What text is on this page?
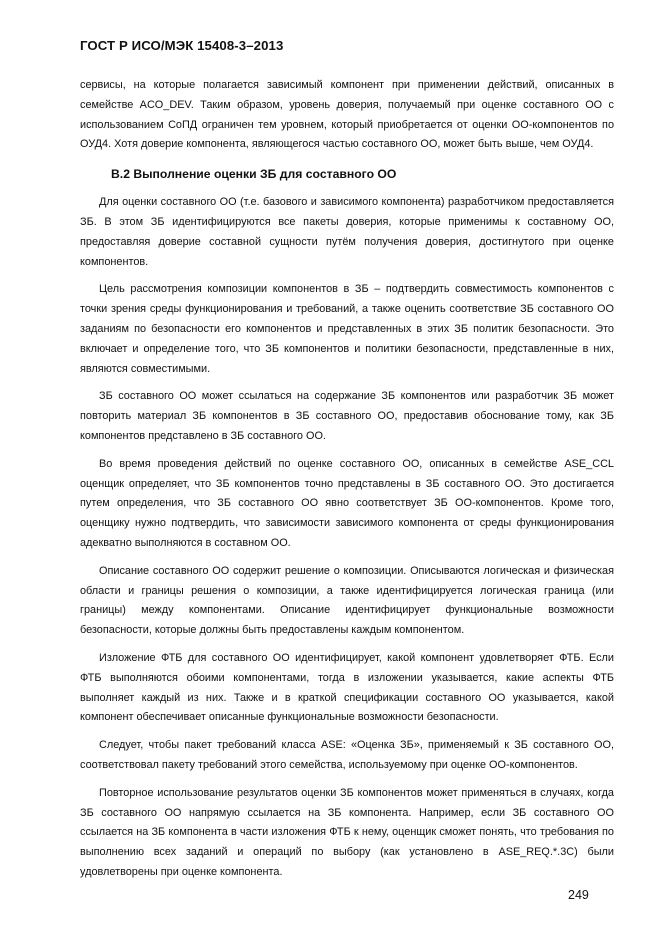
ГОСТ Р ИСО/МЭК 15408-3–2013

сервисы, на которые полагается зависимый компонент при применении действий, описанных в семействе ACO_DEV. Таким образом, уровень доверия, получаемый при оценке составного ОО с использованием СоПД ограничен тем уровнем, который приобретается от оценки ОО-компонентов по ОУД4. Хотя доверие компонента, являющегося частью составного ОО, может быть выше, чем ОУД4.

В.2 Выполнение оценки ЗБ для составного ОО

Для оценки составного ОО (т.е. базового и зависимого компонента) разработчиком предоставляется ЗБ. В этом ЗБ идентифицируются все пакеты доверия, которые применимы к составному ОО, предоставляя доверие составной сущности путём получения доверия, достигнутого при оценке компонентов.

Цель рассмотрения композиции компонентов в ЗБ – подтвердить совместимость компонентов с точки зрения среды функционирования и требований, а также оценить соответствие ЗБ составного ОО заданиям по безопасности его компонентов и представленных в этих ЗБ политик безопасности. Это включает и определение того, что ЗБ компонентов и политики безопасности, представленные в них, являются совместимыми.

ЗБ составного ОО может ссылаться на содержание ЗБ компонентов или разработчик ЗБ может повторить материал ЗБ компонентов в ЗБ составного ОО, предоставив обоснование тому, как ЗБ компонентов представлено в ЗБ составного ОО.

Во время проведения действий по оценке составного ОО, описанных в семействе ASE_CCL оценщик определяет, что ЗБ компонентов точно представлены в ЗБ составного ОО. Это достигается путем определения, что ЗБ составного ОО явно соответствует ЗБ ОО-компонентов. Кроме того, оценщику нужно подтвердить, что зависимости зависимого компонента от среды функционирования адекватно выполняются в составном ОО.

Описание составного ОО содержит решение о композиции. Описываются логическая и физическая области и границы решения о композиции, а также идентифицируется логическая граница (или границы) между компонентами. Описание идентифицирует функциональные возможности безопасности, которые должны быть предоставлены каждым компонентом.

Изложение ФТБ для составного ОО идентифицирует, какой компонент удовлетворяет ФТБ. Если ФТБ выполняются обоими компонентами, тогда в изложении указывается, какие аспекты ФТБ выполняет каждый из них. Также и в краткой спецификации составного ОО указывается, какой компонент обеспечивает описанные функциональные возможности безопасности.

Следует, чтобы пакет требований класса ASE: «Оценка ЗБ», применяемый к ЗБ составного ОО, соответствовал пакету требований этого семейства, используемому при оценке ОО-компонентов.

Повторное использование результатов оценки ЗБ компонентов может применяться в случаях, когда ЗБ составного ОО напрямую ссылается на ЗБ компонента. Например, если ЗБ составного ОО ссылается на ЗБ компонента в части изложения ФТБ к нему, оценщик сможет понять, что требования по выполнению всех заданий и операций по выбору (как установлено в ASE_REQ.*.3С) были удовлетворены при оценке компонента.

249
